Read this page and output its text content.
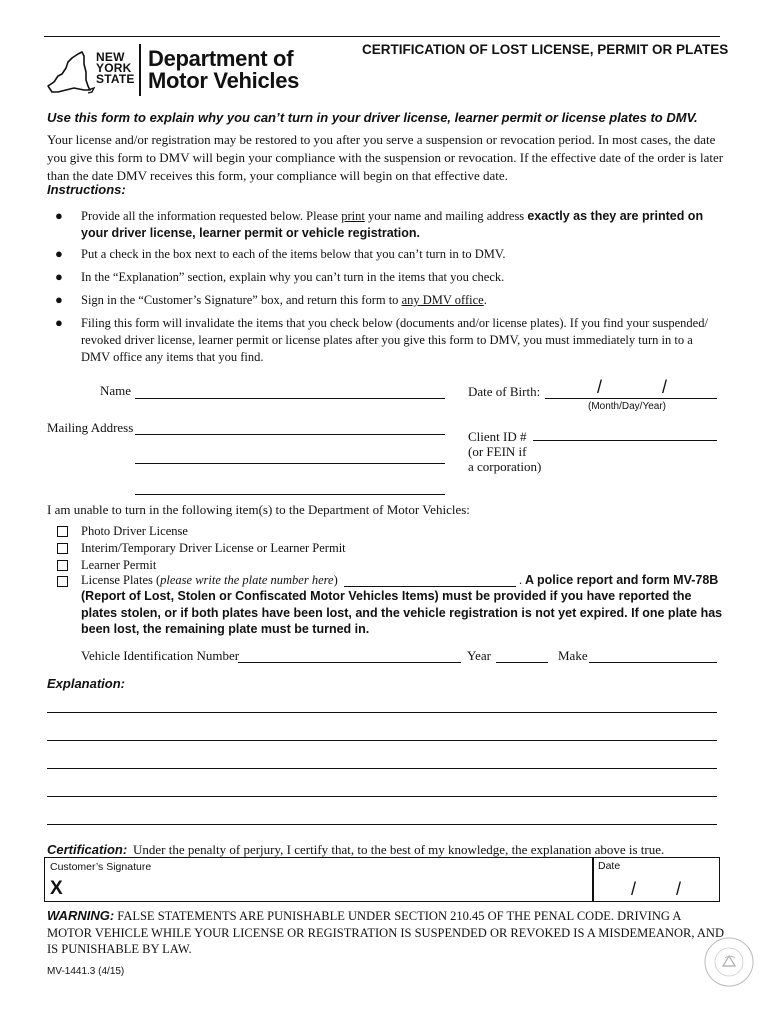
NEW
YORK
STATE
Department of
Motor Vehicles
CERTIFICATION OF LOST LICENSE, PERMIT OR PLATES
Use this form to explain why you can’t turn in your driver license, learner permit or license plates to DMV.
Your license and/or registration may be restored to you after you serve a suspension or revocation period. In most cases, the date you give this form to DMV will begin your compliance with the suspension or revocation. If the effective date of the order is later than the date DMV receives this form, your compliance will begin on that effective date.
Instructions:
● Provide all the information requested below. Please print your name and mailing address exactly as they are printed on your driver license, learner permit or vehicle registration.
● Put a check in the box next to each of the items below that you can’t turn in to DMV.
● In the “Explanation” section, explain why you can’t turn in the items that you check.
● Sign in the “Customer’s Signature” box, and return this form to any DMV office.
● Filing this form will invalidate the items that you check below (documents and/or license plates). If you find your suspended/ revoked driver license, learner permit or license plates after you give this form to DMV, you must immediately turn in to a DMV office any items that you find.
Name	Date of Birth:	/            /
(Month/Day/Year)
Mailing Address
Client ID #
(or FEIN if
a corporation)
I am unable to turn in the following item(s) to the Department of Motor Vehicles:
Photo Driver License
Interim/Temporary Driver License or Learner Permit
Learner Permit
License Plates (please write the plate number here)	. A police report and form MV-78B
(Report of Lost, Stolen or Confiscated Motor Vehicles Items) must be provided if you have reported the plates stolen, or if both plates have been lost, and the vehicle registration is not yet expired. If one plate has been lost, the remaining plate must be turned in.
Vehicle Identification Number	Year	Make
Explanation:
Certification: Under the penalty of perjury, I certify that, to the best of my knowledge, the explanation above is true.
Customer’s Signature
X
Date
/        /
WARNING: FALSE STATEMENTS ARE PUNISHABLE UNDER SECTION 210.45 OF THE PENAL CODE. DRIVING A MOTOR VEHICLE WHILE YOUR LICENSE OR REGISTRATION IS SUSPENDED OR REVOKED IS A MISDEMEANOR, AND IS PUNISHABLE BY LAW.
MV-1441.3 (4/15)
